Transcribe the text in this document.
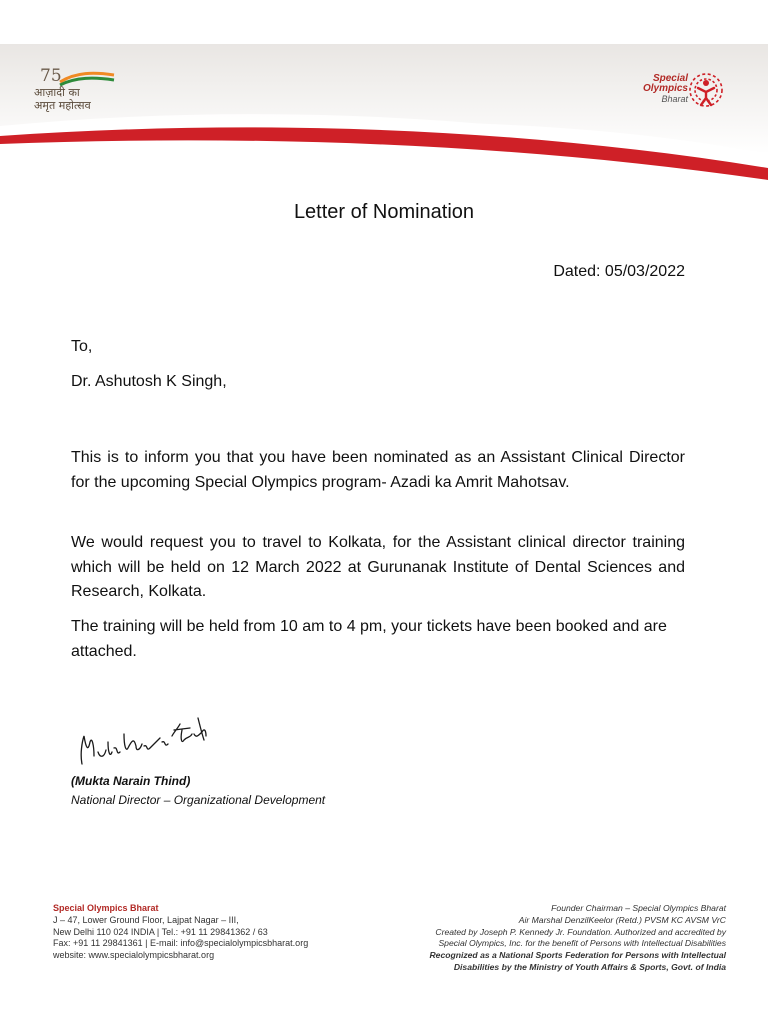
75
आज़ादी का
अमृत महोत्सव
Special
Olympics
Bharat
Letter of Nomination
Dated: 05/03/2022
To,
Dr. Ashutosh K Singh,

This is to inform you that you have been nominated as an Assistant Clinical Director for the upcoming Special Olympics program- Azadi ka Amrit Mahotsav.

We would request you to travel to Kolkata, for the Assistant clinical director training which will be held on 12 March 2022 at Gurunanak Institute of Dental Sciences and Research, Kolkata.

The training will be held from 10 am to 4 pm, your tickets have been booked and are attached.

(Mukta Narain Thind)
National Director – Organizational Development
Special Olympics Bharat
J – 47, Lower Ground Floor, Lajpat Nagar – III,
New Delhi 110 024 INDIA | Tel.: +91 11 29841362 / 63
Fax: +91 11 29841361 | E-mail: info@specialolympicsbharat.org
website: www.specialolympicsbharat.org
Founder Chairman – Special Olympics Bharat
Air Marshal DenzilKeelor (Retd.) PVSM KC AVSM VrC
Created by Joseph P. Kennedy Jr. Foundation. Authorized and accredited by
Special Olympics, Inc. for the benefit of Persons with Intellectual Disabilities
Recognized as a National Sports Federation for Persons with Intellectual
Disabilities by the Ministry of Youth Affairs & Sports, Govt. of India
